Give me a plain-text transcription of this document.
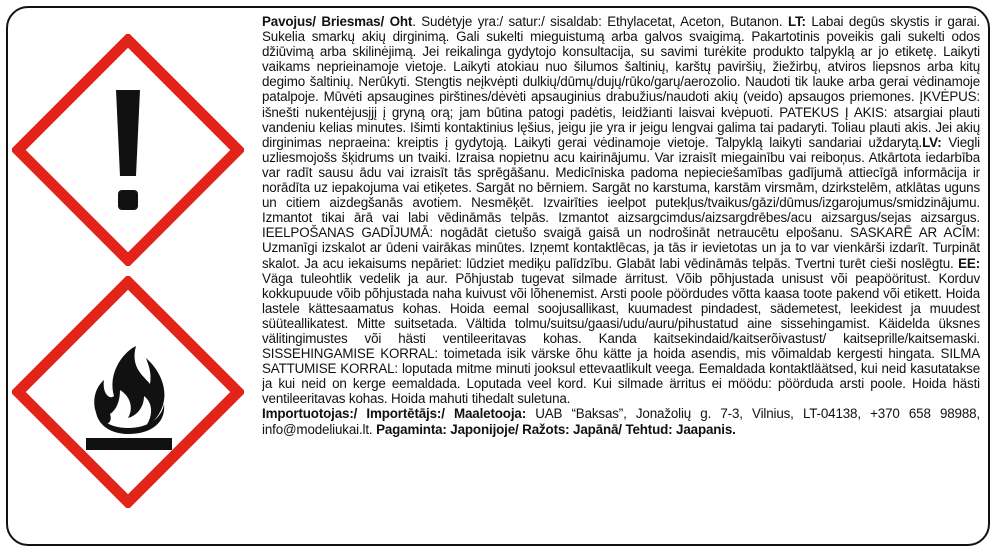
Pavojus/ Briesmas/ Oht. Sudėtyje yra:/ satur:/ sisaldab: Ethylacetat, Aceton, Butanon. LT: Labai degūs skystis ir garai. Sukelia smarkų akių dirginimą. Gali sukelti mieguistumą arba galvos svaigimą. Pakartotinis poveikis gali sukelti odos džiūvimą arba skilinėjimą. Jei reikalinga gydytojo konsultacija, su savimi turėkite produkto talpyklą ar jo etiketę. Laikyti vaikams neprieinamoje vietoje. Laikyti atokiau nuo šilumos šaltinių, karštų paviršių, žiežirbų, atviros liepsnos arba kitų degimo šaltinių. Nerūkyti. Stengtis neįkvėpti dulkių/dūmų/dujų/rūko/garų/aerozolio. Naudoti tik lauke arba gerai vėdinamoje patalpoje. Mūvėti apsaugines pirštines/dėvėti apsauginius drabužius/naudoti akių (veido) apsaugos priemones. ĮKVĖPUS: išnešti nukentėjusįjį į gryną orą; jam būtina patogi padėtis, leidžianti laisvai kvėpuoti. PATEKUS Į AKIS: atsargiai plauti vandeniu kelias minutes. Išimti kontaktinius lęšius, jeigu jie yra ir jeigu lengvai galima tai padaryti. Toliau plauti akis. Jei akių dirginimas nepraeina: kreiptis į gydytoją. Laikyti gerai vėdinamoje vietoje. Talpyklą laikyti sandariai uždarytą.LV: Viegli uzliesmojošs šķidrums un tvaiki. Izraisa nopietnu acu kairinājumu. Var izraisīt miegainību vai reiboņus. Atkārtota iedarbība var radīt sausu ādu vai izraisīt tās sprēgāšanu. Medicīniska padoma nepieciešamības gadījumā attiecīgā informācija ir norādīta uz iepakojuma vai etiķetes. Sargāt no bērniem. Sargāt no karstuma, karstām virsmām, dzirkstelēm, atklātas uguns un citiem aizdegšanās avotiem. Nesmēķēt. Izvairīties ieelpot putekļus/tvaikus/gāzi/dūmus/izgarojumus/smidzinājumu. Izmantot tikai ārā vai labi vēdināmās telpās. Izmantot aizsargcimdus/aizsargdrēbes/acu aizsargus/sejas aizsargus. IEELPOŠANAS GADĪJUMĀ: nogādāt cietušo svaigā gaisā un nodrošināt netraucētu elpošanu. SASKARĒ AR ACĪM: Uzmanīgi izskalot ar ūdeni vairākas minūtes. Izņemt kontaktlēcas, ja tās ir ievietotas un ja to var vienkārši izdarīt. Turpināt skalot. Ja acu iekaisums nepāriet: lūdziet mediķu palīdzību. Glabāt labi vēdināmās telpās. Tvertni turēt cieši noslēgtu. EE: Väga tuleohtlik vedelik ja aur. Põhjustab tugevat silmade ärritust. Võib põhjustada unisust või peapööritust. Korduv kokkupuude võib põhjustada naha kuivust või lõhenemist. Arsti poole pöördudes võtta kaasa toote pakend või etikett. Hoida lastele kättesaamatus kohas. Hoida eemal soojusallikast, kuumadest pindadest, sädemetest, leekidest ja muudest süüteallikatest. Mitte suitsetada. Vältida tolmu/suitsu/gaasi/udu/auru/pihustatud aine sissehingamist. Käidelda üksnes välitingimustes või hästi ventileeritavas kohas. Kanda kaitsekindaid/kaitserõivastust/ kaitseprille/kaitsemaski. SISSEHINGAMISE KORRAL: toimetada isik värske õhu kätte ja hoida asendis, mis võimaldab kergesti hingata. SILMA SATTUMISE KORRAL: loputada mitme minuti jooksul ettevaatlikult veega. Eemaldada kontaktläätsed, kui neid kasutatakse ja kui neid on kerge eemaldada. Loputada veel kord. Kui silmade ärritus ei möödu: pöörduda arsti poole. Hoida hästi ventileeritavas kohas. Hoida mahuti tihedalt suletuna.
Importuotojas:/ Importētājs:/ Maaletooja: UAB “Baksas”, Jonažolių g. 7-3, Vilnius, LT-04138, +370 658 98988, info@modeliukai.lt. Pagaminta: Japonijoje/ Ražots: Japānā/ Tehtud: Jaapanis.
